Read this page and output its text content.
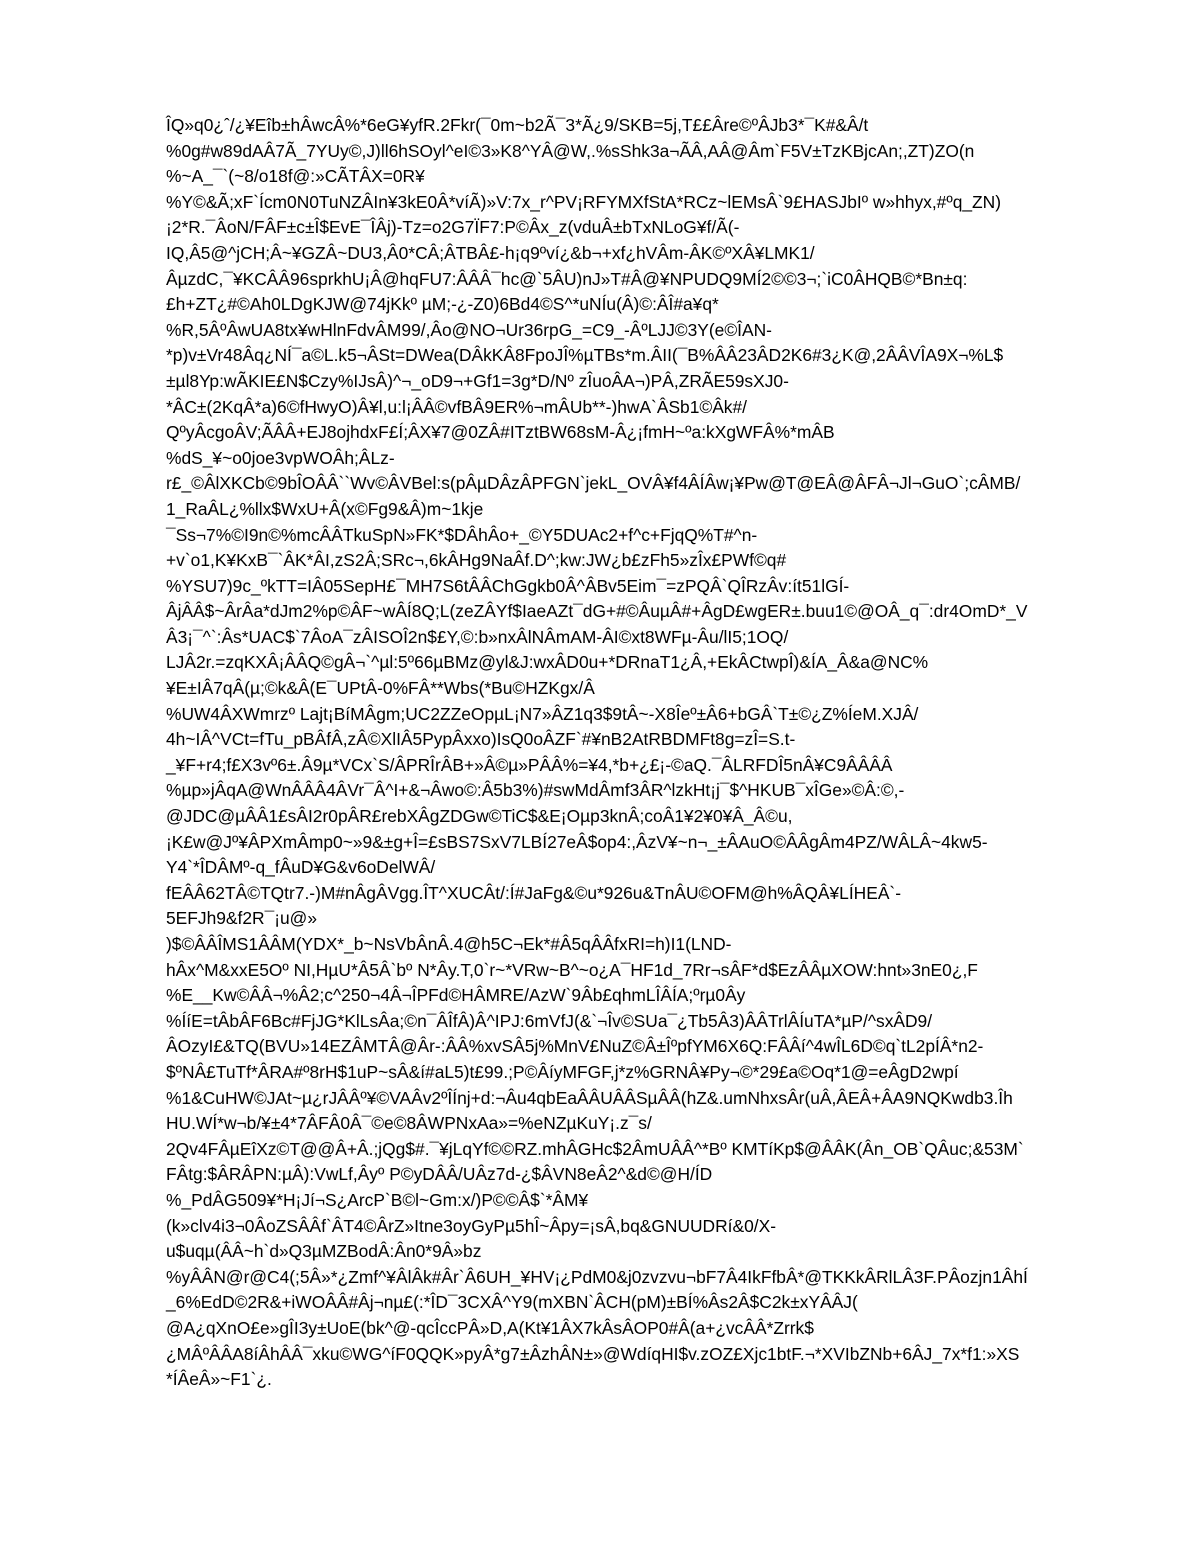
ÎQ»q0¿ˆ/¿¥Eîb±hÂwcÂ%*6eG¥yfR.2Fkr(¯0m~b2Ã¯3*Ã¿9/SKB=5j,T££Âre©ºÂJb3*¯K#&Â/t
%0g#w89dAÂ7Ã_7YUy©,J)ll6hSOyl^eI©3»K8^YÂ@W,.%sShk3a¬ÃÂ,AÂ@Âm`F5V±TzKBjcAn;,ZT)ZO(n
%~A_¯`(~8/o18f@:»CÃTÂX=0R¥
%Y©&Ã;xF`Ícm0N0TuNZÂIn¥3kE0Â*víÃ)»V:7x_r^PV¡RFYMXfStA*RCz~lEMsÂ`9£HASJbIº w»hhyx,#ºq_ZN)
¡2*R.¯ÂoN/FÂF±c±Î$EvE¯ÎÂj)-Tz=o2G7ÏF7:P©Âx_z(vduÂ±bTxNLoG¥f/Ã(-
IQ,Â5@^jCH;Â~¥GZÂ~DU3,Â0*CÂ;ÂTBÂ£-h¡q9ºví¿&b¬+xf¿hVÂm-ÂK©ºXÂ¥LMK1/
ÂµzdC,¯¥KCÂÂ96sprkhU¡Â@hqFU7:ÂÂÂ¯hc@`5ÂU)nJ»T#Â@¥NPUDQ9MÍ2©©3¬;`iC0ÂHQB©*Bn±q:
£h+ZT¿#©Ah0LDgKJW@74jKkº µM;-¿-Z0)6Bd4©S^*uNÍu(Â)©:ÂÎ#a¥q*
%R,5ÂºÂwUA8tx¥wHlnFdvÂM99/,Âo@NO¬Ur36rpG_=C9_-ÂºLJJ©3Y(e©ÎAN-
*p)v±Vr48Âq¿NÍ¯a©L.k5¬ÂSt=DWea(DÂkKÂ8FpoJÎ%µTBs*m.ÂII(¯B%ÂÂ23ÂD2K6#3¿K@,2ÂÂVÎA9X¬%L$
±µl8Yp:wÃKIE£N$Czy%IJsÂ)^¬_oD9¬+Gf1=3g*D/Nº zÎuoÂA¬)PÂ,ZRÃE59sXJ0-
*ÂC±(2KqÂ*a)6©fHwyO)Â¥l,u:l¡ÂÂ©vfBÂ9ER%¬mÂUb**-)hwA`ÂSb1©Âk#/
QºyÂcgoÂV;ÃÂÂ+EJ8ojhdxF£Í;ÂX¥7@0ZÂ#ITztBW68sM-Â¿¡fmH~ºa:kXgWFÂ%*mÂB
%dS_¥~o0joe3vpWOÂh;ÂLz-
r£_©ÂlXKCb©9bÎOÂÂ``Wv©ÂVBel:s(pÂµDÂzÂPFGN`jekL_OVÂ¥f4ÂÍÂw¡¥Pw@T@EÂ@ÂFÂ¬Jl¬GuO`;cÂMB/
1_RaÂL¿%llx$WxU+Â(x©Fg9&Â)m~1kje
¯Ss¬7%©I9n©%mcÂÂTkuSpN»FK*$DÂhÂo+_©Y5DUAc2+f^c+FjqQ%T#^n-
+v`o1,K¥KxB¯`ÂK*ÂI,zS2Â;SRc¬,6kÂHg9NaÂf.D^;kw:JW¿b£zFh5»zÎx£PWf©q#
%YSU7)9c_ºkTT=IÂ05SepH£¯MH7S6tÂÂChGgkb0Â^ÂBv5Eim¯=zPQÂ`QÎRzÂv:ít51lGÍ-
ÂjÂÂ$~ÂrÂa*dJm2%p©ÂF~wÂÍ8Q;L(zeZÂYf$IaeAZt¯dG+#©ÂuµÂ#+ÂgD£wgER±.buu1©@OÂ_q¯:dr4OmD*_V
Â3¡¯^`:Âs*UAC$`7ÂoA¯zÂISOÎ2n$£Y,©:b»nxÂlNÂmAM-ÂI©xt8WFµ-Âu/lI5;1OQ/
LJÂ2r.=zqKXÂ¡ÂÂQ©gÂ¬`^µl:5º66µBMz@yl&J:wxÂD0u+*DRnaT1¿Â,+EkÂCtwpÎ)&ÍA_Â&a@NC%
¥E±IÂ7qÂ(µ;©k&Â(E¯UPtÂ-0%FÂ**Wbs(*Bu©HZKgx/Â
%UW4ÂXWmrzº Lajt¡BíMÂgm;UC2ZZeOpµL¡N7»ÂZ1q3$9tÂ~-X8Îeº±Â6+bGÂ`T±©¿Z%ÍeM.XJÂ/
4h~IÂ^VCt=fTu_pBÂfÂ,zÂ©XlIÂ5PypÂxxo)IsQ0oÂZF`#¥nB2AtRBDMFt8g=zÎ=S.t-
_¥F+r4;f£X3vº6±.Â9µ*VCx`S/ÂPRÎrÂB+»Â©µ»PÂÂ%=¥4,*b+¿£¡-©aQ.¯ÂLRFDÎ5nÂ¥C9ÂÂÂÂ
%µp»jÂqA@WnÂÂÂ4ÂVr¯Â^I+&¬Âwo©:Â5b3%)#swMdÂmf3ÂR^lzkHt¡j¯$^HKUB¯xÎGe»©Â:©,-
@JDC@µÂÂ1£sÂI2r0pÂR£rebXÂgZDGw©TiC$&E¡Oµp3knÂ;coÂ1¥2¥0¥Â_Â©u,
¡K£w@Jº¥ÂPXmÂmp0~»9&±g+Î=£sBS7SxV7LBÍ27eÂ$op4:,ÂzV¥~n¬_±ÂAuO©ÂÂgÂm4PZ/WÂLÂ~4kw5-
Y4`*ÎDÂMº-q_fÂuD¥G&v6oDelWÂ/
fEÂÂ62TÂ©TQtr7.-)M#nÂgÂVgg.ÎT^XUCÂt/:Í#JaFg&©u*926u&TnÂU©OFM@h%ÂQÂ¥LÍHEÂ`-
5EFJh9&f2R¯¡u@»
)$©ÂÂÎMS1ÂÂM(YDX*_b~NsVbÂnÂ.4@h5C¬Ek*#Â5qÂÂfxRI=h)I1(LND-
hÂx^M&xxE5Oº NI,HµU*Â5Â`bº N*Ây.T,0`r~*VRw~B^~o¿A¯HF1d_7Rr¬sÂF*d$EzÂÂµXOW:hnt»3nE0¿,F
%E__Kw©ÂÂ¬%Â2;c^250¬4Â¬ÎPFd©HÂMRE/AzW`9Âb£qhmLÎÂÍA;ºrµ0Ây
%ÍíE=tÂbÂF6Bc#FjJG*KlLsÂa;©n¯ÂÎfÂ)Â^IPJ:6mVfJ(&`¬Îv©SUa¯¿Tb5Â3)ÂÂTrlÂÍuTA*µP/^sxÂD9/
ÂOzyI£&TQ(BVU»14EZÂMTÂ@Âr-:ÂÂ%xvSÂ5j%MnV£NuZ©Â±ÎºpfYM6X6Q:FÂÂí^4wÎL6D©q`tL2pÍÂ*n2-
$ºNÂ£TuTf*ÂRA#º8rH$1uP~sÂ&í#aL5)t£99.;P©ÂíyMFGF,j*z%GRNÂ¥Py¬©*29£a©Oq*1@=eÂgD2wpí
%1&CuHW©JAt~µ¿rJÂÂº¥©VAÂv2ºÎÍnj+d:¬Âu4qbEaÂÂUÂÂSµÂÂ(hZ&.umNhxsÂr(uÂ,ÂEÂ+ÂA9NQKwdb3.Îh
HU.WÍ*w¬b/¥±4*7ÂFÂ0Â¯©e©8ÂWPNxAa»=%eNZµKuY¡.z¯s/
2Qv4FÂµEîXz©T@@Â+Â.;jQg$#.¯¥jLqYf©©RZ.mhÂGHc$2ÂmUÂÂ^*Bº KMTíKp$@ÂÂK(Ân_OB`QÂuc;&53M`
FÂtg:$ÂRÂPN:µÂ):VwLf,Âyº P©yDÂÂ/UÂz7d-¿$ÂVN8eÂ2^&d©@H/ÍD
%_PdÂG509¥*H¡Jí¬S¿ArcP`B©l~Gm:x/)P©©Â$`*ÂM¥
(k»clv4i3¬0ÂoZSÂÂf`ÂT4©ÂrZ»Itne3oyGyPµ5hÎ~Âpy=¡sÂ,bq&GNUUDRí&0/X-
u$uqµ(ÂÂ~h`d»Q3µMZBodÂ:Ân0*9Â»bz
%yÂÂN@r@C4(;5Â»*¿Zmf^¥ÂlÂk#Âr`Â6UH_¥HV¡¿PdM0&j0zvzvu¬bF7Â4IkFfbÂ*@TKKkÂRlLÂ3F.PÂozjn1ÂhÍ
_6%EdD©2R&+iWOÂÂ#Âj¬nµ£(:*ÎD¯3CXÂ^Y9(mXBN`ÂCH(pM)±BÍ%Âs2Â$C2k±xYÂÂJ(
@A¿qXnO£e»gÎI3y±UoE(bk^@-qcÎccPÂ»D,A(Kt¥1ÂX7kÂsÂOP0#Â(a+¿vcÂÂ*Zrrk$
¿MÂºÂÂA8íÂhÂÂ¯xku©WG^íF0QQK»pyÂ*g7±ÂzhÂN±»@WdíqHI$v.zOZ£Xjc1btF.¬*XVIbZNb+6ÂJ_7x*f1:»XS
*ÍÂeÂ»~F1`¿.
